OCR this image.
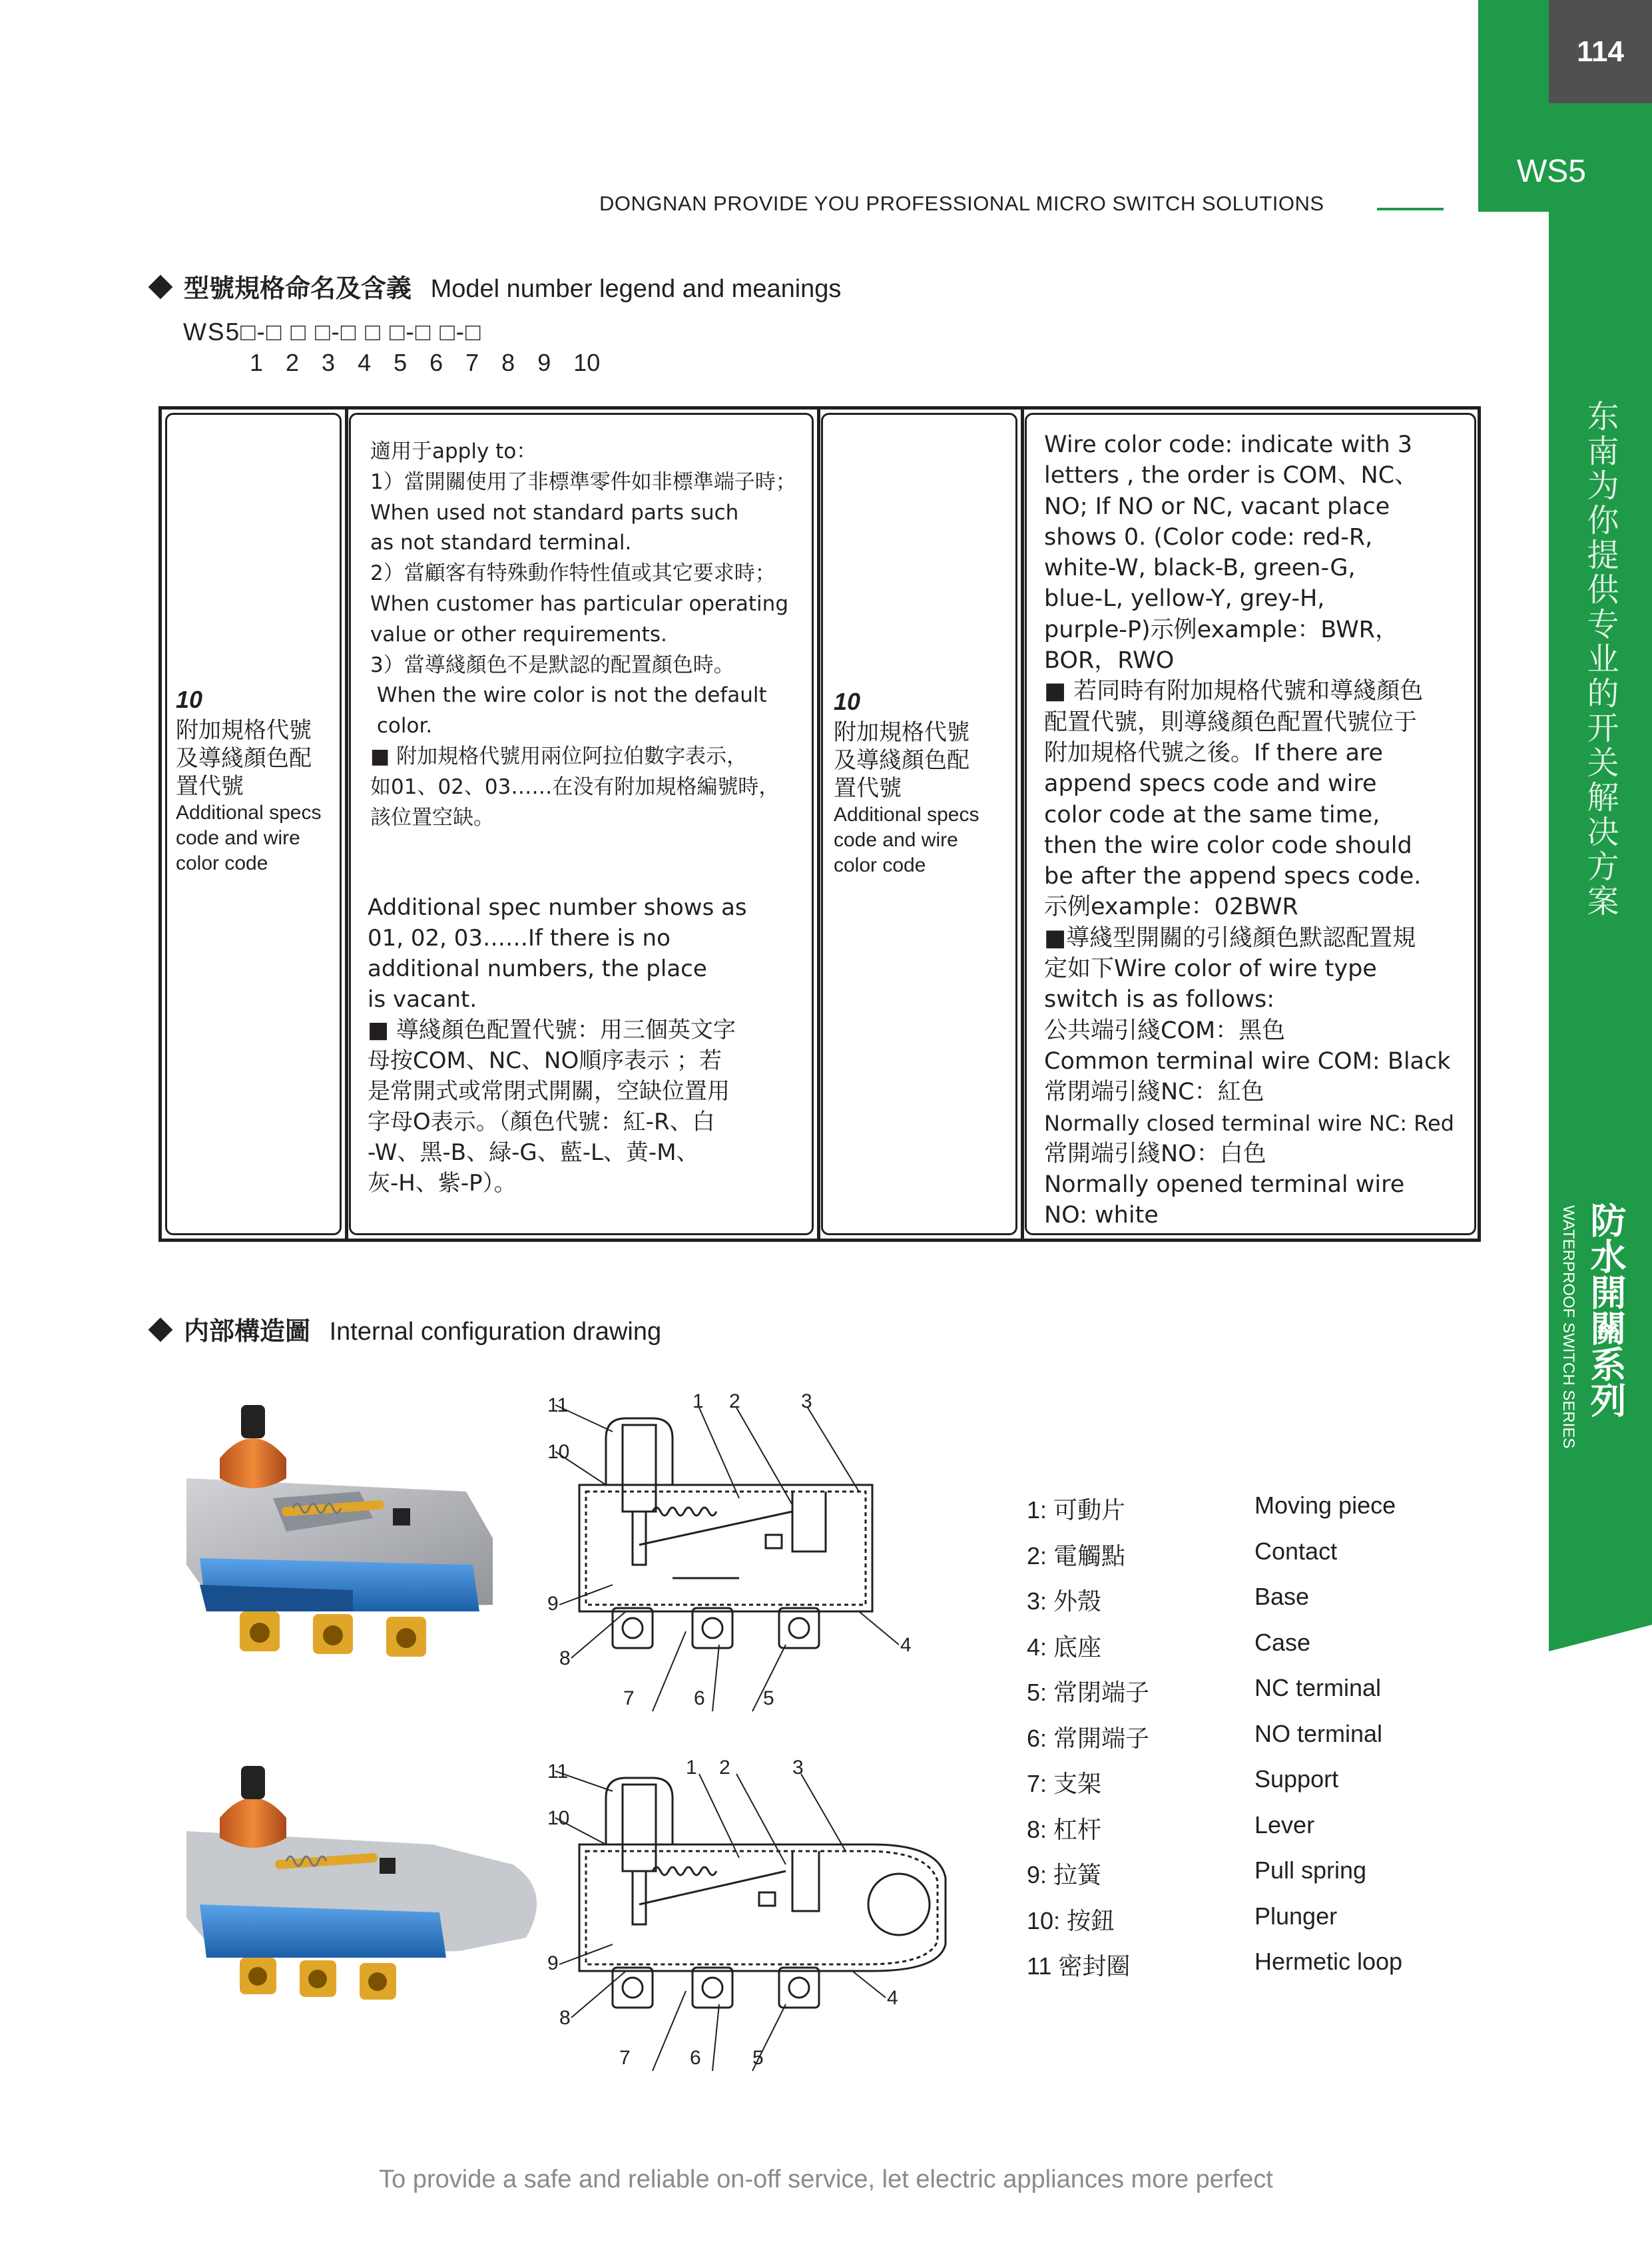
114
WS5
东南为你提供专业的开关解决方案
防水開關系列
WATERPROOF SWITCH SERIES
DONGNAN PROVIDE YOU PROFESSIONAL MICRO SWITCH SOLUTIONS
型號規格命名及含義 Model number legend and meanings
WS5□-□ □ □-□ □ □-□ □-□
1 2 3 4 5 6 7 8 9 10
10
附加規格代號
及導綫顏色配
置代號
Additional specs
code and wire
color code
適用于apply to：
1）當開關使用了非標準零件如非標準端子時；
When used not standard parts such
as not standard terminal.
2）當顧客有特殊動作特性值或其它要求時；
When customer has particular operating
value or other requirements.
3）當導綫顏色不是默認的配置顏色時。
When the wire color is not the default
color.
■ 附加規格代號用兩位阿拉伯數字表示，
如01、02、03……在没有附加規格編號時，
該位置空缺。
Additional spec number shows as
01, 02, 03……If there is no
additional numbers, the place
is vacant.
■ 導綫顏色配置代號：用三個英文字
母按COM、NC、NO順序表示 ；若
是常開式或常閉式開關，空缺位置用
字母O表示。（顏色代號：紅-R、白
-W、黑-B、緑-G、藍-L、黄-M、
灰-H、紫-P）。
10
附加規格代號
及導綫顏色配
置代號
Additional specs
code and wire
color code
Wire color code: indicate with 3
letters , the order is COM、NC、
NO; If NO or NC, vacant place
shows 0. (Color code: red-R,
white-W, black-B, green-G,
blue-L, yellow-Y, grey-H,
purple-P)示例example：BWR，
BOR，RWO
■ 若同時有附加規格代號和導綫顏色
配置代號，則導綫顏色配置代號位于
附加規格代號之後。If there are
append specs code and wire
color code at the same time,
then the wire color code should
be after the append specs code.
示例example：02BWR
■導綫型開關的引綫顏色默認配置規
定如下Wire color of wire type
switch is as follows:
公共端引綫COM：黑色
Common terminal wire COM: Black
常閉端引綫NC：紅色
Normally closed terminal wire NC: Red
常開端引綫NO：白色
Normally opened terminal wire
NO: white
内部構造圖 Internal configuration drawing
11
10
1 2	3
4
9
8
7	6	5
11
10
1 2	3
4
9
8
7	6	5
1: 可動片	Moving piece
2: 電觸點	Contact
3: 外殼	Base
4: 底座	Case
5: 常閉端子	NC terminal
6: 常開端子	NO terminal
7: 支架	Support
8: 杠杆	Lever
9: 拉簧	Pull spring
10: 按鈕	Plunger
11 密封圈	Hermetic loop
To provide a safe and reliable on-off service, let electric appliances more perfect
